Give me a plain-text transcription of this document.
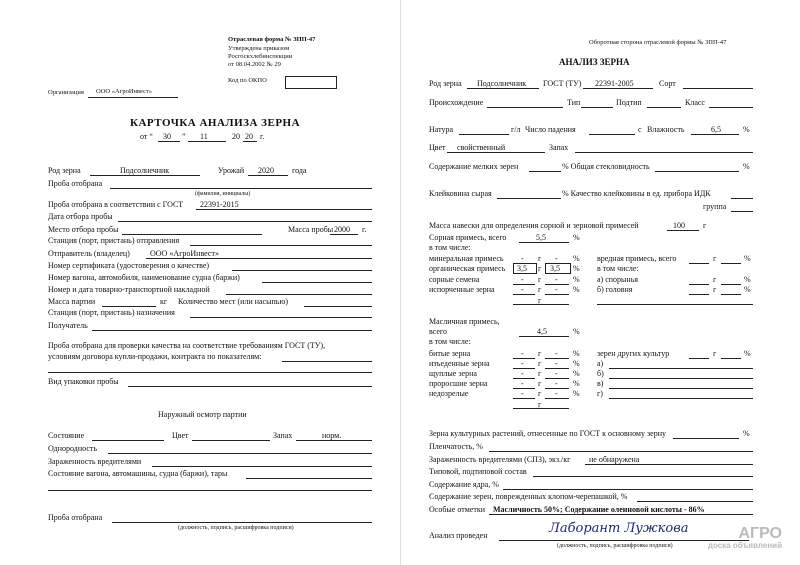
Отраслевая форма № ЗПП-47
Утверждена приказом
Росгоскхлебинспекции
от 08.04.2002 № 29
Код по ОКПО
Организация ООО «АгроИнвест»
КАРТОЧКА АНАЛИЗА ЗЕРНА
от “ 30 ” 11	20 20 г.
Род зерна	Подсолнечник	Урожай 2020 года
Проба отобрана
(фамилия, инициалы)
Проба отобрана в соответствии с ГОСТ 22391-2015
Дата отбора пробы
Место отбора пробы	Масса пробы 2000 г.
Станция (порт, пристань) отправления
Отправитель (владелец)	ООО «АгроИнвест»
Номер сертификата (удостоверения о качестве)
Номер вагона, автомобиля, наименование судна (баржи)
Номер и дата товарно-транспортной накладной
Масса партии	кг Количество мест (или насыпью)
Станция (порт, пристань) назначения
Получатель
Проба отобрана для проверки качества на соответствие требованиям ГОСТ (ТУ),
условиям договора купли-продажи, контракта по показателям:
Вид упаковки пробы
Наружный осмотр партии
Состояние	Цвет	Запах	норм.
Однородность
Зараженность вредителями
Состояние вагона, автомашины, судна (баржи), тары
Проба отобрана
(должность, подпись, расшифровка подписи)
Оборотная сторона отраслевой формы № ЗПП-47
АНАЛИЗ ЗЕРНА
Род зерна Подсолнечник ГОСТ (ТУ) 22391-2005	Сорт
Происхождение	Тип	Подтип	Класс
Натура	г/л Число падения	с Влажность	6,5	%
Цвет свойственный	Запах
Содержание мелких зерен	% Общая стекловидность	%
Клейковина сырая	% Качество клейковины в ед. прибора ИДК
группа
Масса навески для определения сорной и зерновой примесей	100 г
Сорная примесь, всего	5,5	%
в том числе:
минеральная примесь - г - %
органическая примесь 3,5 г 3,5 %
сорные семена	- г - %
испорченные зерна	- г - %
г
вредная примесь, всего	г	%
в том числе:
а) спорынья	г	%
б) головня	г	%
Масличная примесь,
всего	4,5	%
в том числе:
битые зерна	- г - %
изъеденные зерна	- г - %
щуплые зерна	- г - %
проросшие зерна	- г - %
недозрелые	- г - %
г
зерен других культур	г	%
а)
б)
в)
г)
Зерна культурных растений, отнесенные по ГОСТ к основному зерну	%
Пленчатость, %
Зараженность вредителями (СПЗ), экз./кг не обнаружена
Типовой, подтиповой состав
Содержание ядра, %
Содержание зерен, поврежденных клопом-черепашкой, %
Особые отметки Масличность 50%; Содержание олеиновой кислоты - 86%
Анализ проведен	Лаборант Лужкова
(должность, подпись, расшифровка подписи)
АГРО
доска объявлений
